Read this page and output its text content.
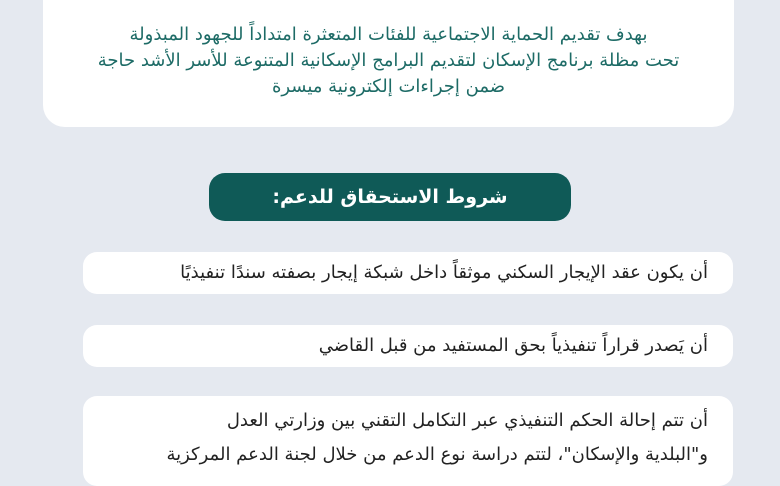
بهدف تقديم الحماية الاجتماعية للفئات المتعثرة امتداداً للجهود المبذولة
تحت مظلة برنامج الإسكان لتقديم البرامج الإسكانية المتنوعة للأسر الأشد حاجة
ضمن إجراءات إلكترونية ميسرة
شروط الاستحقاق للدعم:
أن يكون عقد الإيجار السكني موثقاً داخل شبكة إيجار بصفته سندًا تنفيذيًا
أن يَصدر قراراً تنفيذياً بحق المستفيد من قبل القاضي
أن تتم إحالة الحكم التنفيذي عبر التكامل التقني بين وزارتي العدل
و"البلدية والإسكان"، لتتم دراسة نوع الدعم من خلال لجنة الدعم المركزية
